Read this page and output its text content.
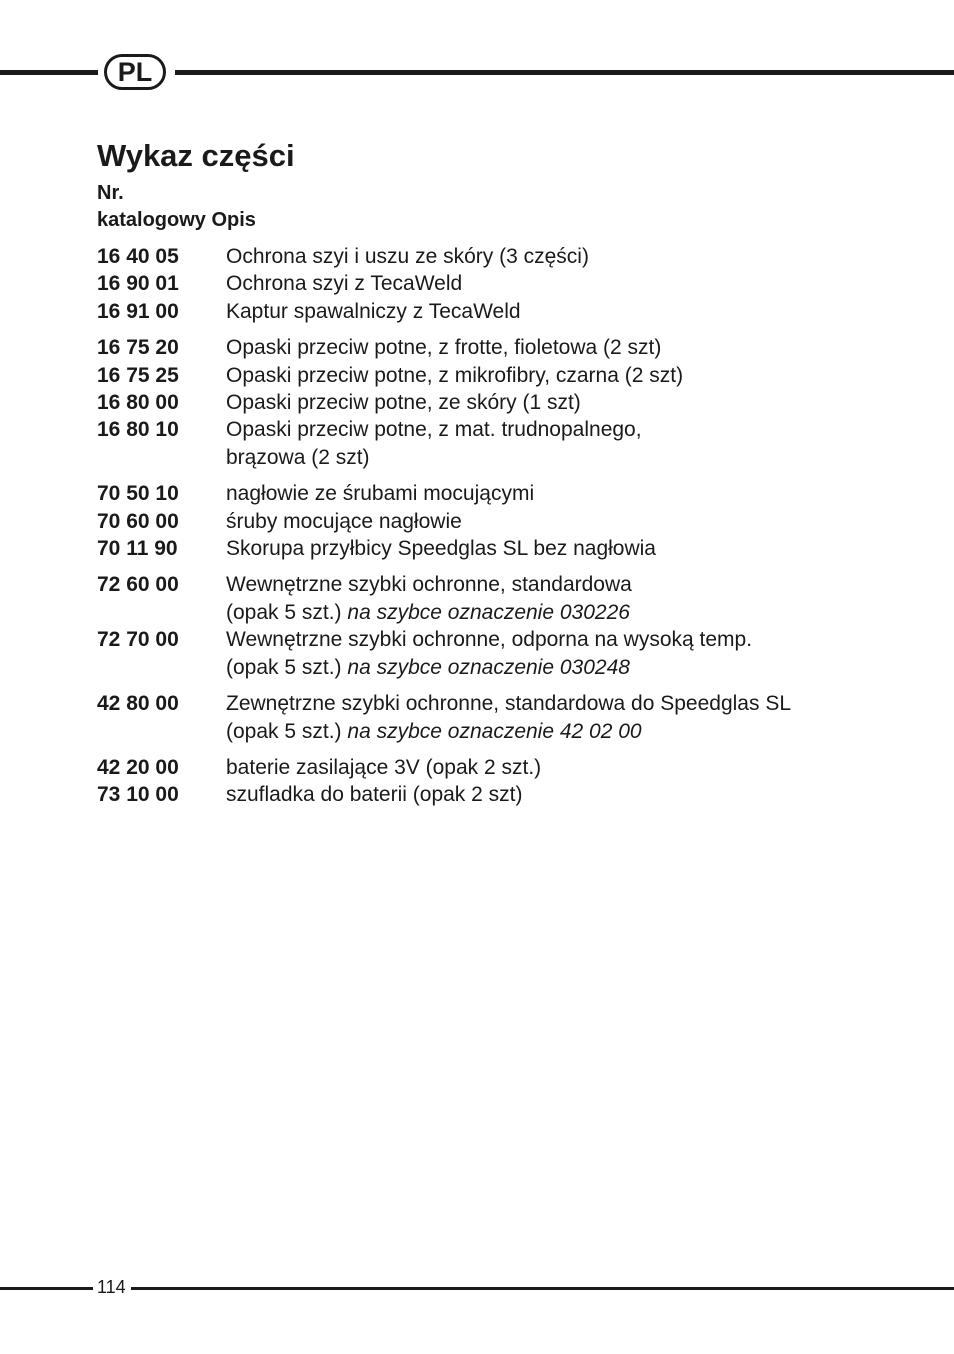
PL
Wykaz części
Nr.
katalogowy Opis
16 40 05	Ochrona szyi i uszu ze skóry (3 części)
16 90 01	Ochrona szyi z TecaWeld
16 91 00	Kaptur spawalniczy z TecaWeld
16 75 20	Opaski przeciw potne, z frotte, fioletowa (2 szt)
16 75 25	Opaski przeciw potne, z mikrofibry, czarna (2 szt)
16 80 00	Opaski przeciw potne, ze skóry (1 szt)
16 80 10	Opaski przeciw potne, z mat. trudnopalnego,
brązowa (2 szt)
70 50 10	nagłowie ze śrubami mocującymi
70 60 00	śruby mocujące nagłowie
70 11 90	Skorupa przyłbicy Speedglas SL bez nagłowia
72 60 00	Wewnętrzne szybki ochronne, standardowa
(opak 5 szt.) na szybce oznaczenie 030226
72 70 00	Wewnętrzne szybki ochronne, odporna na wysoką temp.
(opak 5 szt.) na szybce oznaczenie 030248
42 80 00	Zewnętrzne szybki ochronne, standardowa do Speedglas SL
(opak 5 szt.) na szybce oznaczenie 42 02 00
42 20 00	baterie zasilające 3V (opak 2 szt.)
73 10 00	szufladka do baterii (opak 2 szt)
114
